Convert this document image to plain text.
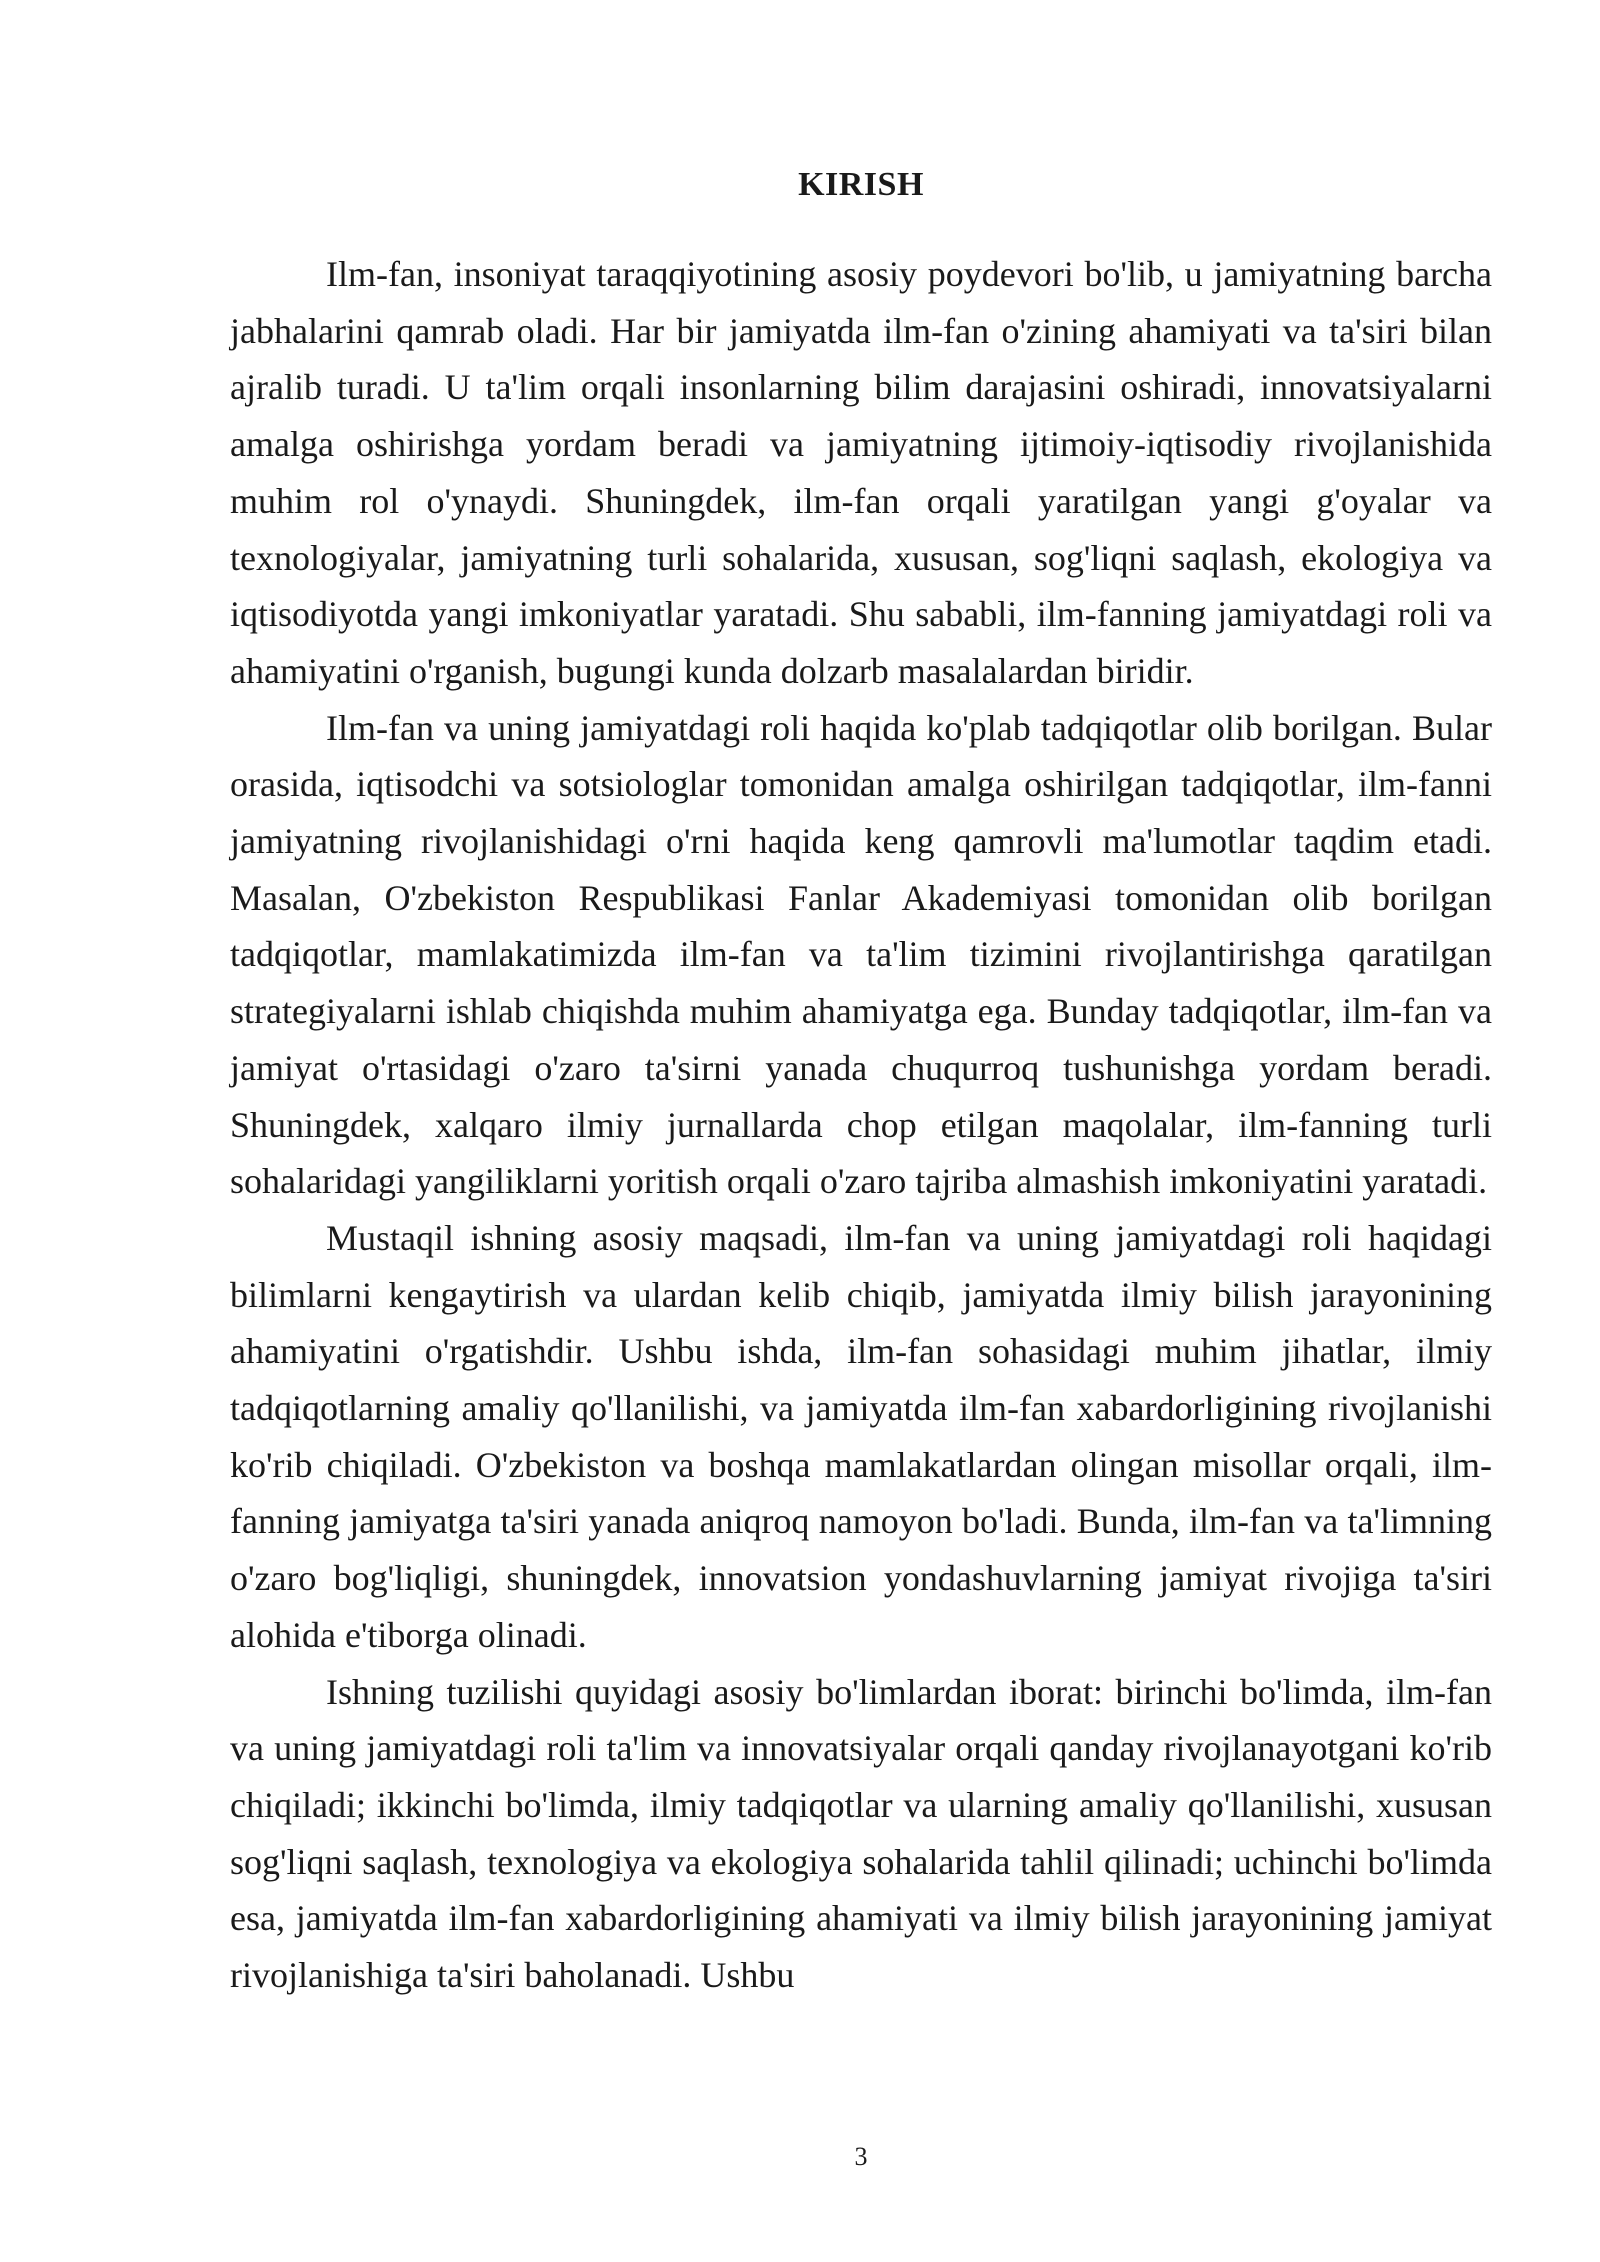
KIRISH

Ilm-fan, insoniyat taraqqiyotining asosiy poydevori bo'lib, u jamiyatning barcha jabhalarini qamrab oladi. Har bir jamiyatda ilm-fan o'zining ahamiyati va ta'siri bilan ajralib turadi. U ta'lim orqali insonlarning bilim darajasini oshiradi, innovatsiyalarni amalga oshirishga yordam beradi va jamiyatning ijtimoiy-iqtisodiy rivojlanishida muhim rol o'ynaydi. Shuningdek, ilm-fan orqali yaratilgan yangi g'oyalar va texnologiyalar, jamiyatning turli sohalarida, xususan, sog'liqni saqlash, ekologiya va iqtisodiyotda yangi imkoniyatlar yaratadi. Shu sababli, ilm-fanning jamiyatdagi roli va ahamiyatini o'rganish, bugungi kunda dolzarb masalalardan biridir.

Ilm-fan va uning jamiyatdagi roli haqida ko'plab tadqiqotlar olib borilgan. Bular orasida, iqtisodchi va sotsiologlar tomonidan amalga oshirilgan tadqiqotlar, ilm-fanni jamiyatning rivojlanishidagi o'rni haqida keng qamrovli ma'lumotlar taqdim etadi. Masalan, O'zbekiston Respublikasi Fanlar Akademiyasi tomonidan olib borilgan tadqiqotlar, mamlakatimizda ilm-fan va ta'lim tizimini rivojlantirishga qaratilgan strategiyalarni ishlab chiqishda muhim ahamiyatga ega. Bunday tadqiqotlar, ilm-fan va jamiyat o'rtasidagi o'zaro ta'sirni yanada chuqurroq tushunishga yordam beradi. Shuningdek, xalqaro ilmiy jurnallarda chop etilgan maqolalar, ilm-fanning turli sohalaridagi yangiliklarni yoritish orqali o'zaro tajriba almashish imkoniyatini yaratadi.

Mustaqil ishning asosiy maqsadi, ilm-fan va uning jamiyatdagi roli haqidagi bilimlarni kengaytirish va ulardan kelib chiqib, jamiyatda ilmiy bilish jarayonining ahamiyatini o'rgatishdir. Ushbu ishda, ilm-fan sohasidagi muhim jihatlar, ilmiy tadqiqotlarning amaliy qo'llanilishi, va jamiyatda ilm-fan xabardorligining rivojlanishi ko'rib chiqiladi. O'zbekiston va boshqa mamlakatlardan olingan misollar orqali, ilm-fanning jamiyatga ta'siri yanada aniqroq namoyon bo'ladi. Bunda, ilm-fan va ta'limning o'zaro bog'liqligi, shuningdek, innovatsion yondashuvlarning jamiyat rivojiga ta'siri alohida e'tiborga olinadi.

Ishning tuzilishi quyidagi asosiy bo'limlardan iborat: birinchi bo'limda, ilm-fan va uning jamiyatdagi roli ta'lim va innovatsiyalar orqali qanday rivojlanayotgani ko'rib chiqiladi; ikkinchi bo'limda, ilmiy tadqiqotlar va ularning amaliy qo'llanilishi, xususan sog'liqni saqlash, texnologiya va ekologiya sohalarida tahlil qilinadi; uchinchi bo'limda esa, jamiyatda ilm-fan xabardorligining ahamiyati va ilmiy bilish jarayonining jamiyat rivojlanishiga ta'siri baholanadi. Ushbu

3
